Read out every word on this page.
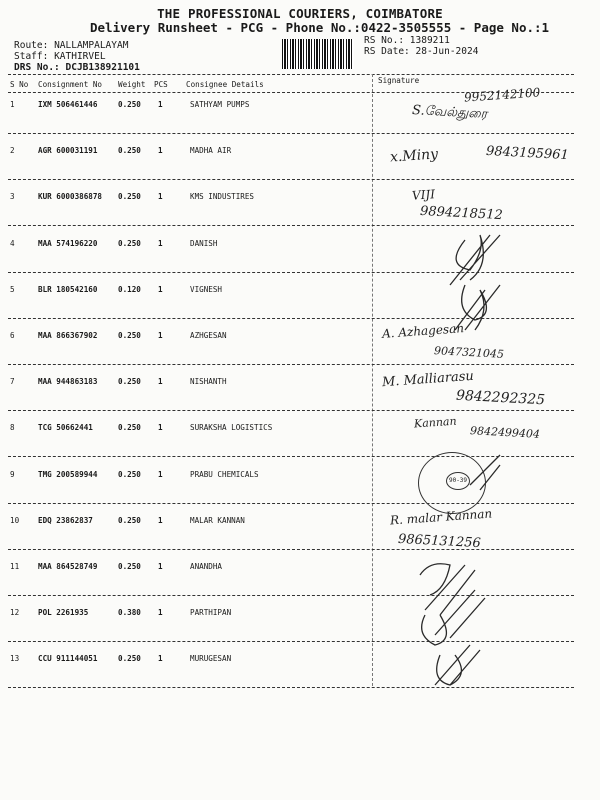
THE PROFESSIONAL COURIERS, COIMBATORE
Delivery Runsheet - PCG - Phone No.:0422-3505555 - Page No.:1
Route: NALLAMPALAYAM
Staff: KATHIRVEL
DRS No.: DCJB138921101
RS No.: 1389211
RS Date: 28-Jun-2024
S No Consignment No Weight PCS Consignee Details	Signature
1	IXM 506461446	0.250 1	SATHYAM PUMPS	9952142100
S.வேல்துரை
2	AGR 600031191	0.250 1	MADHA AIR	x.Miny	9843195961
3	KUR 6000386878 0.250 1	KMS INDUSTIRES	VIJI
9894218512
4	MAA 574196220	0.250 1	DANISH
5	BLR 180542160	0.120 1	VIGNESH
6	MAA 866367902	0.250 1	AZHGESAN	A. Azhagesan
9047321045
7	MAA 944863183	0.250 1	NISHANTH	M. Malliarasu
9842292325
8	TCG 50662441	0.250 1	SURAKSHA LOGISTICS	Kannan
9842499404
9	TMG 200589944	0.250 1	PRABU CHEMICALS
10 EDQ 23862837	0.250 1	MALAR KANNAN	R. malar Kannan
9865131256
11 MAA 864528749	0.250 1	ANANDHA
12 POL 2261935	0.380 1	PARTHIPAN
13 CCU 911144051	0.250 1	MURUGESAN
90-39
